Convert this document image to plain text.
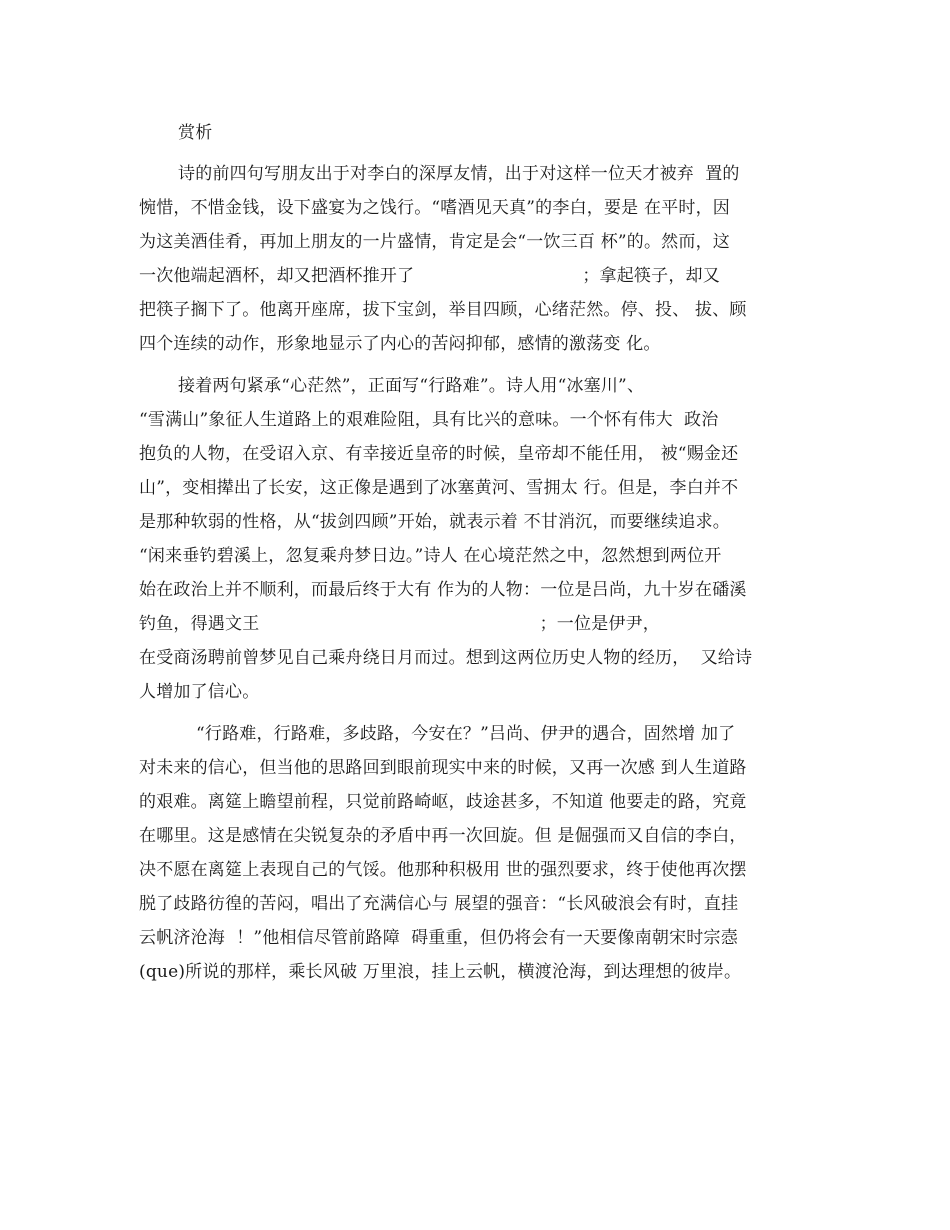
赏析
诗的前四句写朋友出于对李白的深厚友情，出于对这样一位天才被弃  置的
惋惜，不惜金钱，设下盛宴为之饯行。“嗜酒见天真”的李白，要是 在平时，因
为这美酒佳肴，再加上朋友的一片盛情，肯定是会“一饮三百 杯”的。然而，这
一次他端起酒杯，却又把酒杯推开了                              ；拿起筷子，却又
把筷子搁下了。他离开座席，拔下宝剑，举目四顾，心绪茫然。停、投、 拔、顾
四个连续的动作，形象地显示了内心的苦闷抑郁，感情的激荡变 化。
接着两句紧承“心茫然”，正面写“行路难”。诗人用“冰塞川”、
“雪满山”象征人生道路上的艰难险阻，具有比兴的意味。一个怀有伟大  政治
抱负的人物，在受诏入京、有幸接近皇帝的时候，皇帝却不能任用， 被“赐金还
山”，变相撵出了长安，这正像是遇到了冰塞黄河、雪拥太 行。但是，李白并不
是那种软弱的性格，从“拔剑四顾”开始，就表示着 不甘消沉，而要继续追求。
“闲来垂钓碧溪上，忽复乘舟梦日边。”诗人 在心境茫然之中，忽然想到两位开
始在政治上并不顺利，而最后终于大有 作为的人物：一位是吕尚，九十岁在磻溪
钓鱼，得遇文王                                                  ；一位是伊尹，
在受商汤聘前曾梦见自己乘舟绕日月而过。想到这两位历史人物的经历，  又给诗
人增加了信心。
“行路难，行路难，多歧路，今安在？”吕尚、伊尹的遇合，固然增 加了
对未来的信心，但当他的思路回到眼前现实中来的时候，又再一次感 到人生道路
的艰难。离筵上瞻望前程，只觉前路崎岖，歧途甚多，不知道 他要走的路，究竟
在哪里。这是感情在尖锐复杂的矛盾中再一次回旋。但 是倔强而又自信的李白，
决不愿在离筵上表现自己的气馁。他那种积极用 世的强烈要求，终于使他再次摆
脱了歧路彷徨的苦闷，唱出了充满信心与 展望的强音：“长风破浪会有时，直挂
云帆济沧海  ！”他相信尽管前路障  碍重重，但仍将会有一天要像南朝宋时宗悫
(que)所说的那样，乘长风破 万里浪，挂上云帆，横渡沧海，到达理想的彼岸。
